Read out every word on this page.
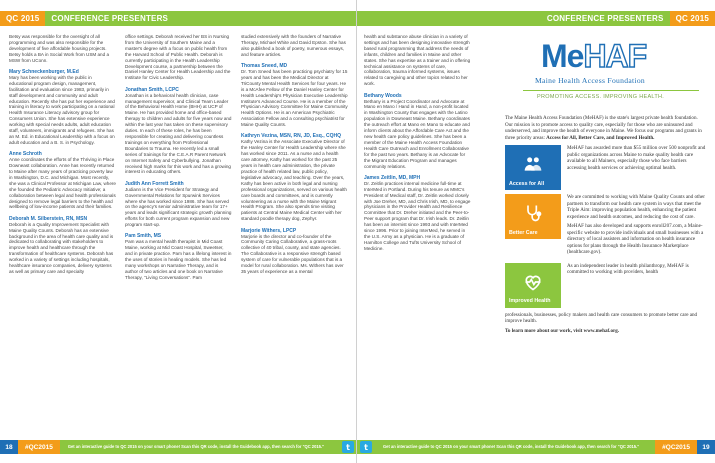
QC 2015	CONFERENCE PRESENTERS
Betsy was responsible for the oversight of all programming and was also responsible for the development of five affordable housing projects. Betsy holds a BA in Social Work from USM and a MSW from UConn.
Mary Schneckenburger, M.Ed
Mary has been working with the public in educational program design, management, facilitation and evaluation since 1983, primarily in staff development and community and adult education. Recently she has put her experience and training in literacy to work participating on a national Health Insurance Literacy advisory group for Consumers Union. She has extensive experience working with special needs adults, adult education staff, volunteers, immigrants and refugees. She has an M. Ed. in Educational Leadership with a focus on adult education and a B. S. in Psychology.
Anne Schroth
Anne coordinates the efforts of the Thriving in Place Downeast collaboration. Anne has recently returned to Maine after many years of practicing poverty law in Washington, D.C. and Michigan. Most recently, she was a Clinical Professor at Michigan Law, where she founded the Pediatric Advocacy Initiative; a collaboration between legal and health professionals designed to remove legal barriers to the health and wellbeing of low-income patients and their families.
Deborah M. Silberstein, RN, MSN
Deborah is a Quality Improvement Specialist with Maine Quality Counts. Deborah has an extensive background in the area of health care quality and is dedicated to collaborating with stakeholders to improve health and healthcare through the transformation of healthcare systems. Deborah has worked in a variety of settings including hospitals, healthcare insurance companies, delivery systems as well as primary care and specialty
office settings. Deborah received her BS in Nursing from the University of Southern Maine and a master's degree with a focus on public health from the Harvard School of Public Health. Deborah is currently participating in the Health Leadership Development course, a partnership between the Daniel Hanley Center for Health Leadership and the Institute for Civic Leadership.
Jonathan Smith, LCPC
Jonathan is a behavioral health clinician, case management supervisor, and Clinical Team Leader of the Behavioral Health Home (BHH) at UCP of Maine. He has provided home and office-based therapy to children and adults for five years now and within the last year has taken on these supervisory duties. In each of these roles, he has been responsible for creating and delivering countless trainings on everything from Professional Boundaries to Trauma. He recently led a small series of trainings for the C.E.A.R Parent Network on Internet Safety and Cyberbullying. Jonathan received high marks for this work and has a growing interest in educating others.
Judith Ann Forrett Smith
Judiann is the Vice President for Strategy and Governmental Relations for Spurwink Services where she has worked since 1986. She has served on the agency's senior administrative team for 17+ years and leads significant strategic growth planning efforts for both current program expansion and new program start-up.
Pam Smith, MS
Pam was a mental health therapist in Mid Coast Maine, working at Mid Coast Hospital, Sweetser, and in private practice. Pam has a lifelong interest in the uses of stories in healing models. She has led many workshops on Narrative Therapy, and is author of two articles and one book on Narrative Therapy, "Living Conversations". Pam
studied extensively with the founders of Narrative Therapy, Michael White and David Epston. She has also published a book of poetry, numerous essays, and feature articles.
Thomas Sneed, MD
Dr. Tom Sneed has been practicing psychiatry for 15 years and has been the Medical Director at TriCounty Mental Health Services for four years. He is a McAfee Fellow of the Daniel Hanley Center for Health Leadership's Physician Executive Leadership Institute's Advanced Course. He is a member of the Physician Advisory Committee for Maine Community Health Options. He is an American Psychiatric Association Fellow and a consulting psychiatrist for Maine Quality Counts.
Kathryn Vezina, MSN, RN, JD, Esq., CQHQ
Kathy Vezina is the Associate Executive Director of the Hanley Center for Health Leadership where she has worked since 2011. As a nurse and a health care attorney, Kathy has worked for the past 25 years in health care administration, the private practice of health related law, public policy, legislative advocacy, and teaching. Over the years, Kathy has been active in both legal and nursing professional organizations, served on various health care boards and committees, and is currently volunteering as a nurse with the Maine Migrant Health Program. She also spends time visiting patients at Central Maine Medical Center with her standard poodle therapy dog, Zephyr.
Marjorie Withers, LPCP
Marjorie is the director and co-founder of the Community Caring Collaborative, a grass-roots collective of 40 tribal, county, and state agencies. The Collaborative is a responsive strength based system of care for vulnerable populations that is a model for rural collaboration. Ms. Withers has over 35 years of experience as a mental
18	#QC2015	Get an interactive guide to QC 2015 on your smart phone! Scan this QR code, install the Guidebook app, then search for "QC 2015."	t
CONFERENCE PRESENTERS	QC 2015
health and substance abuse clinician in a variety of settings and has been designing innovative strength based rural programming that address the needs of infants, children and families in Maine and other states. She has expertise as a trainer and in offering technical assistance on systems of care, collaboration, trauma informed systems, issues related to caregiving and other topics related to her work.
Bethany Woods
Bethany is a Project Coordinator and Advocate at Mano en Mano / Hand in Hand, a non-profit located in Washington County that engages with the Latino population in Downeast Maine. Bethany coordinates the outreach effort at Mano en Mano to educate and inform clients about the Affordable Care Act and the new health care policy guidelines. She has been a member of the Maine Health Access Foundation Health Care Outreach and Enrollment Collaborative for the past two years. Bethany is an Advocate for the Migrant Education Program and manages community relations.
James Zeitlin, MD, MPH
Dr. Zeitlin practices internal medicine full-time at InterMed in Portland. During his tenure as MMC's President of Medical staff, Dr. Zeitlin worked closely with Joe Dreher, MD, and Chris Irish, MD, to engage physicians in the Provider Health and Resilience Committee that Dr. Dreher initiated and the Peer-to-Peer support program that Dr. Irish leads. Dr. Zeitlin has been an internist since 1993 and with InterMed since 1996. Prior to joining InterMed, he served in the U.S. Army as a physician. He is a graduate of Hamilton College and Tufts University School of Medicine.
MeHAF
Maine Health Access Foundation
PROMOTING ACCESS. IMPROVING HEALTH.
The Maine Health Access Foundation (MeHAF) is the state's largest private health foundation. Our mission is to promote access to quality care, especially for those who are uninsured and underserved, and improve the health of everyone in Maine. We focus our programs and grants in three priority areas: Access for All, Better Care, and Improved Health.
Access for All

MeHAF has awarded more than $55 million over 500 nonprofit and public organizations across Maine to make quality health care available to all Mainers, especially those who face barriers accessing health services or achieving optimal health.

Better Care

We are committed to working with Maine Quality Counts and other partners to transform our health care system in ways that meet the Triple Aim: improving population health, enhancing the patient experience and health outcomes, and reducing the cost of care.

MeHAF has also developed and supports enroll207.com, a Maine-specific website to provide individuals and small businesses with a directory of local assisters and information on health insurance options for plans through the Health Insurance Marketplace (healthcare.gov).

Improved Health

As an independent leader in health philanthropy, MeHAF is committed to working with providers, health

professionals, businesses, policy makers and health care consumers to promote better care and improve health.

To learn more about our work, visit www.mehaf.org.

t	Get an interactive guide to QC 2015 on your smart phone! Scan this QR code, install the Guidebook app, then search for "QC 2015."	#QC2015	19
